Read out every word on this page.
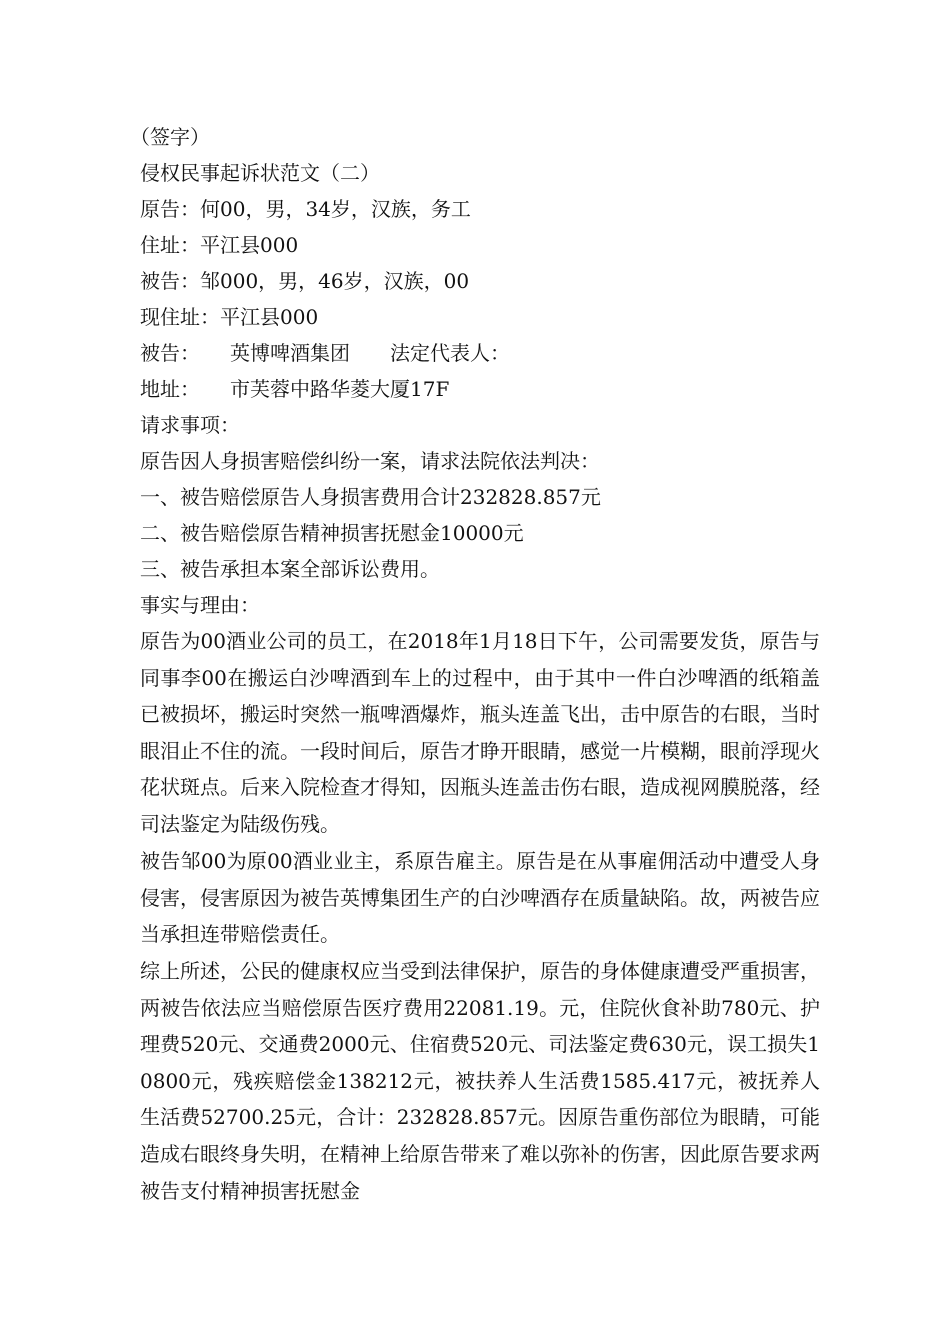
（签字）
侵权民事起诉状范文（二）
原告：何00，男，34岁，汉族，务工
住址：平江县000
被告：邹000，男，46岁，汉族，00
现住址：平江县000
被告：　　英博啤酒集团　　法定代表人：
地址：　　市芙蓉中路华菱大厦17F
请求事项：
原告因人身损害赔偿纠纷一案，请求法院依法判决：
一、被告赔偿原告人身损害费用合计232828.857元
二、被告赔偿原告精神损害抚慰金10000元
三、被告承担本案全部诉讼费用。
事实与理由：
原告为00酒业公司的员工，在2018年1月18日下午，公司需要发货，原告与同事李00在搬运白沙啤酒到车上的过程中，由于其中一件白沙啤酒的纸箱盖已被损坏，搬运时突然一瓶啤酒爆炸，瓶头连盖飞出，击中原告的右眼，当时眼泪止不住的流。一段时间后，原告才睁开眼睛，感觉一片模糊，眼前浮现火花状斑点。后来入院检查才得知，因瓶头连盖击伤右眼，造成视网膜脱落，经司法鉴定为陆级伤残。
被告邹00为原00酒业业主，系原告雇主。原告是在从事雇佣活动中遭受人身侵害，侵害原因为被告英博集团生产的白沙啤酒存在质量缺陷。故，两被告应当承担连带赔偿责任。
综上所述，公民的健康权应当受到法律保护，原告的身体健康遭受严重损害，两被告依法应当赔偿原告医疗费用22081.19。元，住院伙食补助780元、护理费520元、交通费2000元、住宿费520元、司法鉴定费630元，误工损失10800元，残疾赔偿金138212元，被扶养人生活费1585.417元，被抚养人生活费52700.25元，合计：232828.857元。因原告重伤部位为眼睛，可能造成右眼终身失明，在精神上给原告带来了难以弥补的伤害，因此原告要求两被告支付精神损害抚慰金
